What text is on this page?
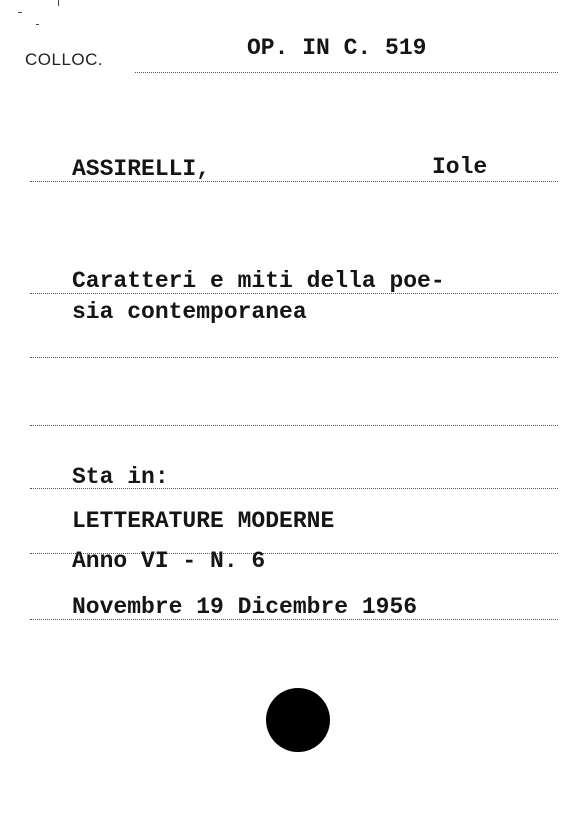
COLLOC.	OP. IN C. 519
ASSIRELLI,	Iole
Caratteri e miti della poe-
sia contemporanea
Sta in:
LETTERATURE MODERNE
Anno VI - N. 6
Novembre 19 Dicembre 1956
